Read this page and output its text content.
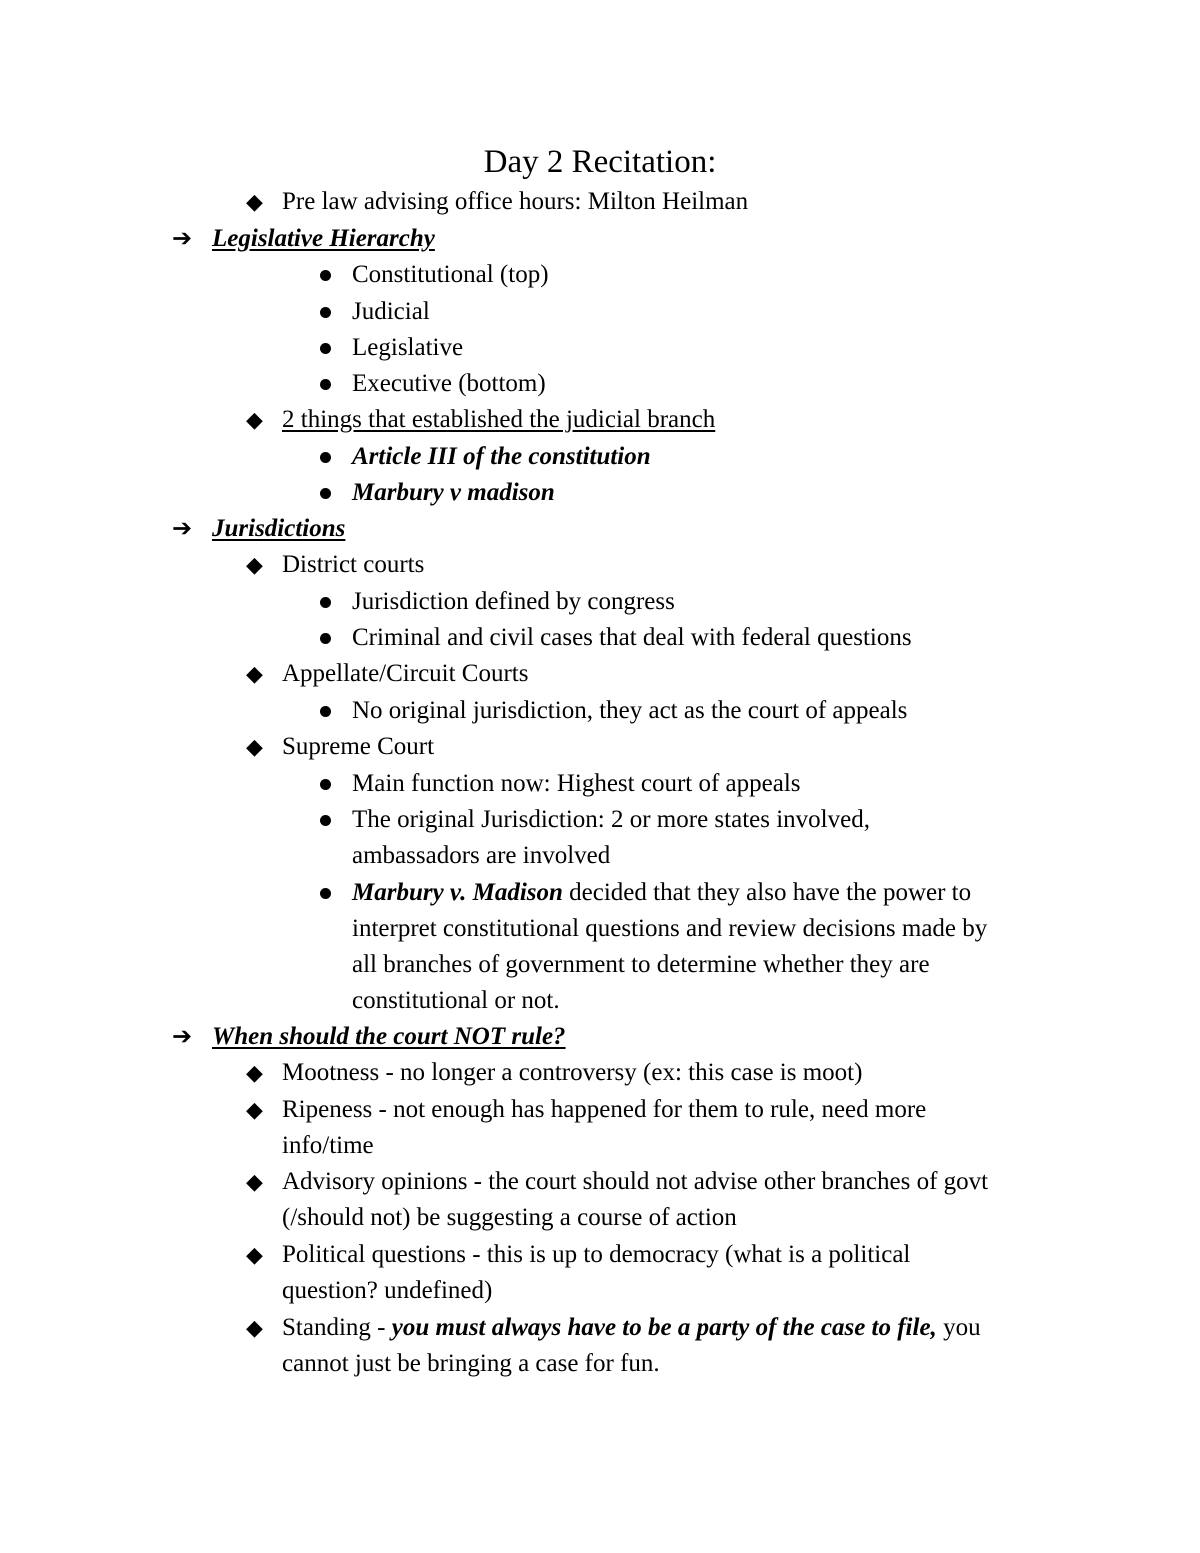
Day 2 Recitation:
◆ Pre law advising office hours: Milton Heilman
➔ Legislative Hierarchy
Constitutional (top)
Judicial
Legislative
Executive (bottom)
◆ 2 things that established the judicial branch
Article III of the constitution
Marbury v madison
➔ Jurisdictions
◆ District courts
Jurisdiction defined by congress
Criminal and civil cases that deal with federal questions
◆ Appellate/Circuit Courts
No original jurisdiction, they act as the court of appeals
◆ Supreme Court
Main function now: Highest court of appeals
The original Jurisdiction: 2 or more states involved,
ambassadors are involved
Marbury v. Madison decided that they also have the power to
interpret constitutional questions and review decisions made by
all branches of government to determine whether they are
constitutional or not.
➔ When should the court NOT rule?
◆ Mootness - no longer a controversy (ex: this case is moot)
◆ Ripeness - not enough has happened for them to rule, need more
info/time
◆ Advisory opinions - the court should not advise other branches of govt
(/should not) be suggesting a course of action
◆ Political questions - this is up to democracy (what is a political
question? undefined)
◆ Standing - you must always have to be a party of the case to file, you
cannot just be bringing a case for fun.
